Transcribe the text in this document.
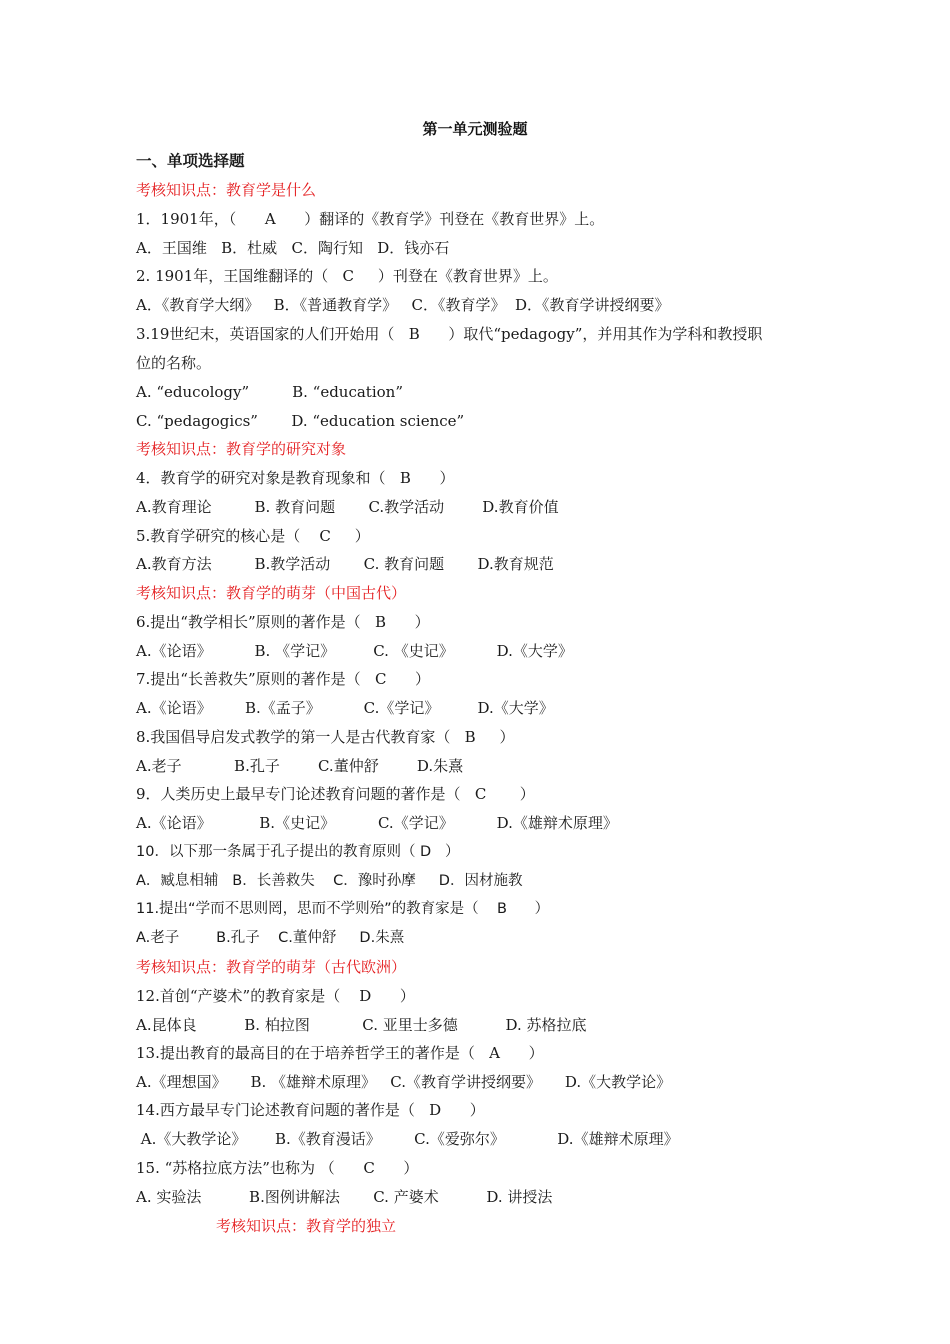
第一单元测验题
一、单项选择题
考核知识点：教育学是什么
1．1901年，（      A      ）翻译的《教育学》刊登在《教育世界》上。
A．王国维   B．杜威   C．陶行知   D．钱亦石
2. 1901年，王国维翻译的（   C     ）刊登在《教育世界》上。
A．《教育学大纲》   B．《普通教育学》   C．《教育学》  D．《教育学讲授纲要》
3.19世纪末，英语国家的人们开始用（   B      ）取代“pedagogy”，并用其作为学科和教授职
位的名称。
A. “educology”         B. “education”
C. “pedagogics”       D. “education science”
考核知识点：教育学的研究对象
4．教育学的研究对象是教育现象和（   B      ）
A.教育理论         B. 教育问题       C.教学活动        D.教育价值
5.教育学研究的核心是（    C     ）
A.教育方法         B.教学活动       C. 教育问题       D.教育规范
考核知识点：教育学的萌芽（中国古代）
6.提出“教学相长”原则的著作是（   B      ）
A.《论语》         B. 《学记》        C. 《史记》         D.《大学》
7.提出“长善救失”原则的著作是（   C      ）
A.《论语》       B.《孟子》         C.《学记》        D.《大学》
8.我国倡导启发式教学的第一人是古代教育家（   B     ）
A.老子           B.孔子        C.董仲舒        D.朱熹
9．人类历史上最早专门论述教育问题的著作是（   C       ）
A.《论语》          B.《史记》         C.《学记》         D.《雄辩术原理》
10．以下那一条属于孔子提出的教育原则（ D   ）
A．臧息相辅   B．长善救失    C．豫时孙摩     D．因材施教
11.提出“学而不思则罔，思而不学则殆”的教育家是（    B      ）
A.老子        B.孔子    C.董仲舒     D.朱熹
考核知识点：教育学的萌芽（古代欧洲）
12.首创“产婆术”的教育家是（    D      ）
A.昆体良          B. 柏拉图           C. 亚里士多德          D. 苏格拉底
13.提出教育的最高目的在于培养哲学王的著作是（   A      ）
A.《理想国》     B. 《雄辩术原理》   C.《教育学讲授纲要》     D.《大教学论》
14.西方最早专门论述教育问题的著作是（   D      ）
A.《大教学论》      B.《教育漫话》       C.《爱弥尔》           D.《雄辩术原理》
15. “苏格拉底方法”也称为 （      C      ）
A. 实验法          B.图例讲解法       C. 产婆术          D. 讲授法
考核知识点：教育学的独立
